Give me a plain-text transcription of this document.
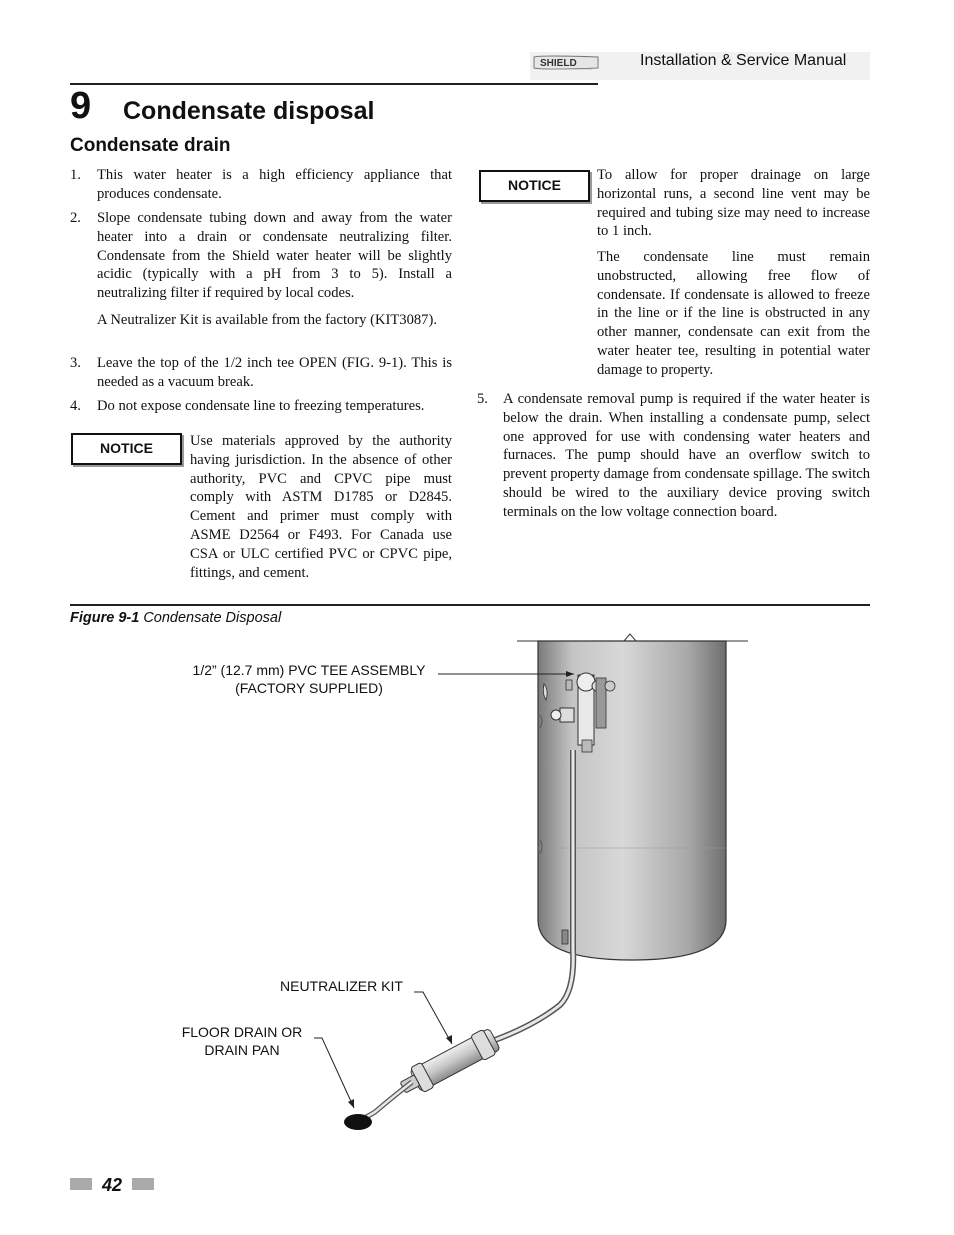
SHIELD	Installation & Service Manual
9 Condensate disposal
Condensate drain
1. This water heater is a high efficiency appliance that produces condensate.
2. Slope condensate tubing down and away from the water heater into a drain or condensate neutralizing filter. Condensate from the Shield water heater will be slightly acidic (typically with a pH from 3 to 5). Install a neutralizing filter if required by local codes.
A Neutralizer Kit is available from the factory (KIT3087).
3. Leave the top of the 1/2 inch tee OPEN (FIG. 9-1). This is needed as a vacuum break.
4. Do not expose condensate line to freezing temperatures.
NOTICE	Use materials approved by the authority having jurisdiction. In the absence of other authority, PVC and CPVC pipe must comply with ASTM D1785 or D2845. Cement and primer must comply with ASME D2564 or F493. For Canada use CSA or ULC certified PVC or CPVC pipe, fittings, and cement.
NOTICE
To allow for proper drainage on large horizontal runs, a second line vent may be required and tubing size may need to increase to 1 inch.
The condensate line must remain unobstructed, allowing free flow of condensate. If condensate is allowed to freeze in the line or if the line is obstructed in any other manner, condensate can exit from the water heater tee, resulting in potential water damage to property.
5. A condensate removal pump is required if the water heater is below the drain. When installing a condensate pump, select one approved for use with condensing water heaters and furnaces. The pump should have an overflow switch to prevent property damage from condensate spillage. The switch should be wired to the auxiliary device proving switch terminals on the low voltage connection board.
Figure 9-1 Condensate Disposal
1/2” (12.7 mm) PVC TEE ASSEMBLY
(FACTORY SUPPLIED)
NEUTRALIZER KIT
FLOOR DRAIN OR
DRAIN PAN
42
